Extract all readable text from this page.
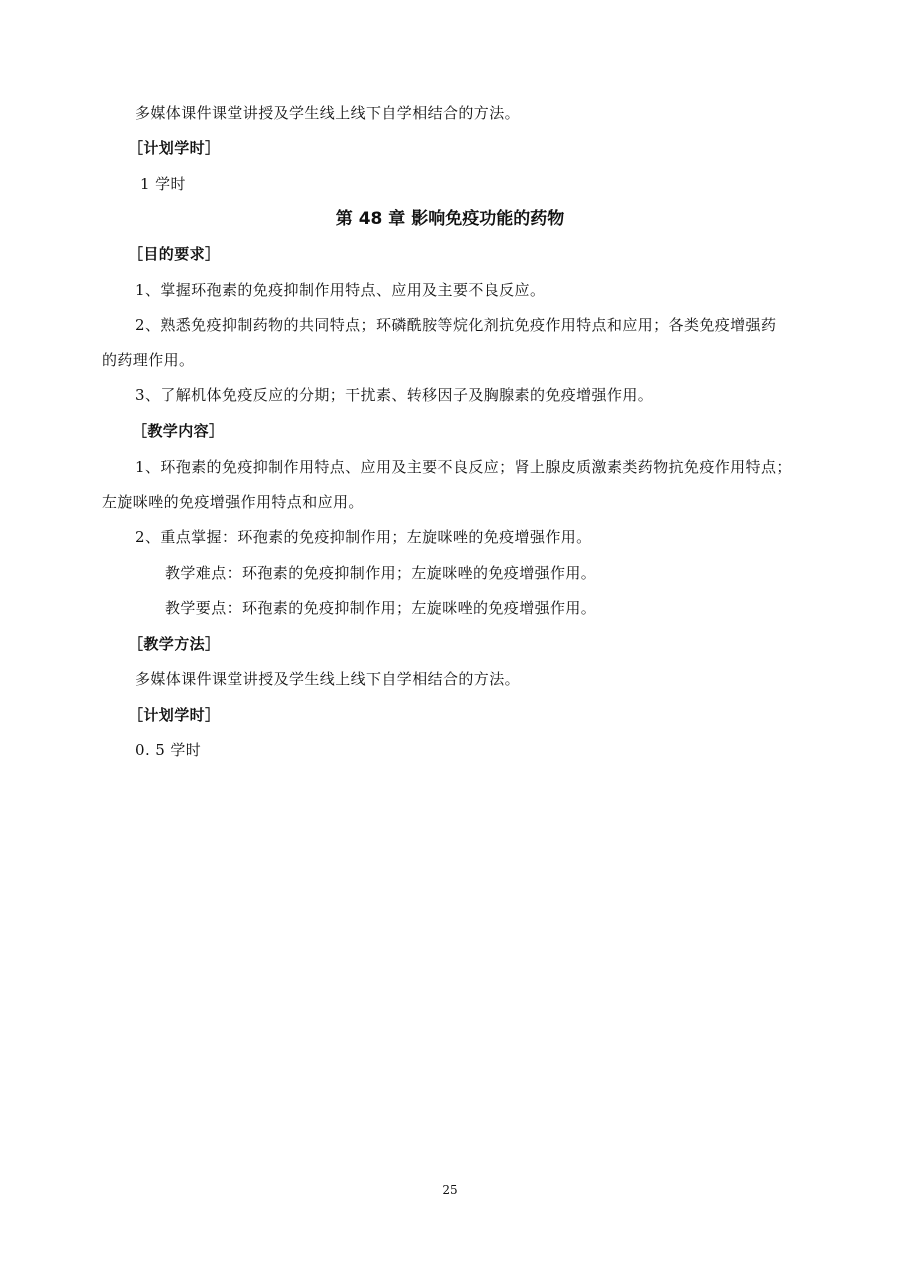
多媒体课件课堂讲授及学生线上线下自学相结合的方法。
［计划学时］
1 学时
第 48 章 影响免疫功能的药物
［目的要求］
1、掌握环孢素的免疫抑制作用特点、应用及主要不良反应。
2、熟悉免疫抑制药物的共同特点；环磷酰胺等烷化剂抗免疫作用特点和应用；各类免疫增强药
的药理作用。
3、了解机体免疫反应的分期；干扰素、转移因子及胸腺素的免疫增强作用。
［教学内容］
1、环孢素的免疫抑制作用特点、应用及主要不良反应；肾上腺皮质激素类药物抗免疫作用特点；
左旋咪唑的免疫增强作用特点和应用。
2、重点掌握：环孢素的免疫抑制作用；左旋咪唑的免疫增强作用。
教学难点：环孢素的免疫抑制作用；左旋咪唑的免疫增强作用。
教学要点：环孢素的免疫抑制作用；左旋咪唑的免疫增强作用。
［教学方法］
多媒体课件课堂讲授及学生线上线下自学相结合的方法。
［计划学时］
0. 5 学时
25
